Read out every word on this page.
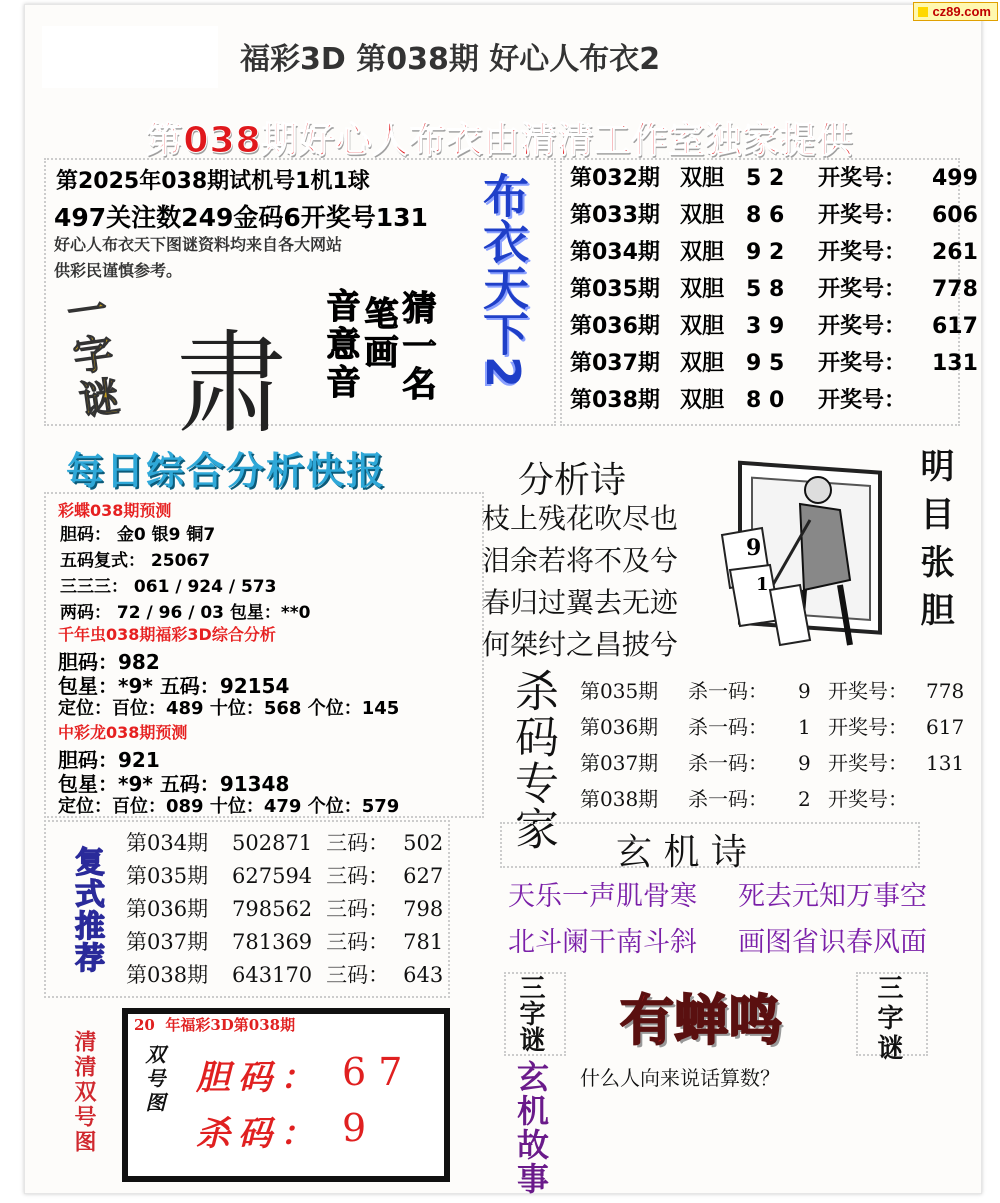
cz89.com
福彩3D 第038期 好心人布衣2
第038期好心人布衣由清清工作室独家提供
第2025年038期试机号1机1球
497关注数249金码6开奖号131
好心人布衣天下图谜资料均来自各大网站
供彩民谨慎参考。
一字谜 肃	猜一名
笔画
音意音	布衣天下2 第032期 双胆 5 2	开奖号：	499
第033期 双胆 8 6	开奖号：	606
第034期 双胆 9 2	开奖号：	261
第035期 双胆 5 8	开奖号：	778
第036期 双胆 3 9	开奖号：	617
第037期 双胆 9 5	开奖号：	131
第038期 双胆 8 0	开奖号：
每日综合分析快报
彩蝶038期预测
胆码： 金0 银9 铜7
五码复式： 25067
三三三： 061 / 924 / 573
两码： 72 / 96 / 03 包星：**0
千年虫038期福彩3D综合分析
胆码：982
包星：*9* 五码：92154
定位：百位：489 十位：568 个位：145
中彩龙038期预测
胆码：921
包星：*9* 五码：91348
定位：百位：089 十位：479 个位：579
分析诗
枝上残花吹尽也
泪余若将不及兮
春归过翼去无迹
何桀纣之昌披兮
9
1	明目张胆
杀码专家	第035期	杀一码：	9 开奖号： 778
第036期	杀一码：	1 开奖号： 617
第037期	杀一码：	9 开奖号： 131
第038期	杀一码：	2 开奖号：
复式推荐
第034期	502871 三码： 502
第035期	627594 三码： 627
第036期	798562 三码： 798
第037期	781369 三码： 781
第038期	643170 三码： 643
玄 机 诗
天乐一声肌骨寒 死去元知万事空
北斗阑干南斗斜 画图省识春风面
清清双号图
20  年福彩3D第038期
双号图 胆码： 6 7
杀码： 9
三字谜
玄机故事
有蝉鸣	三字谜
什么人向来说话算数？
